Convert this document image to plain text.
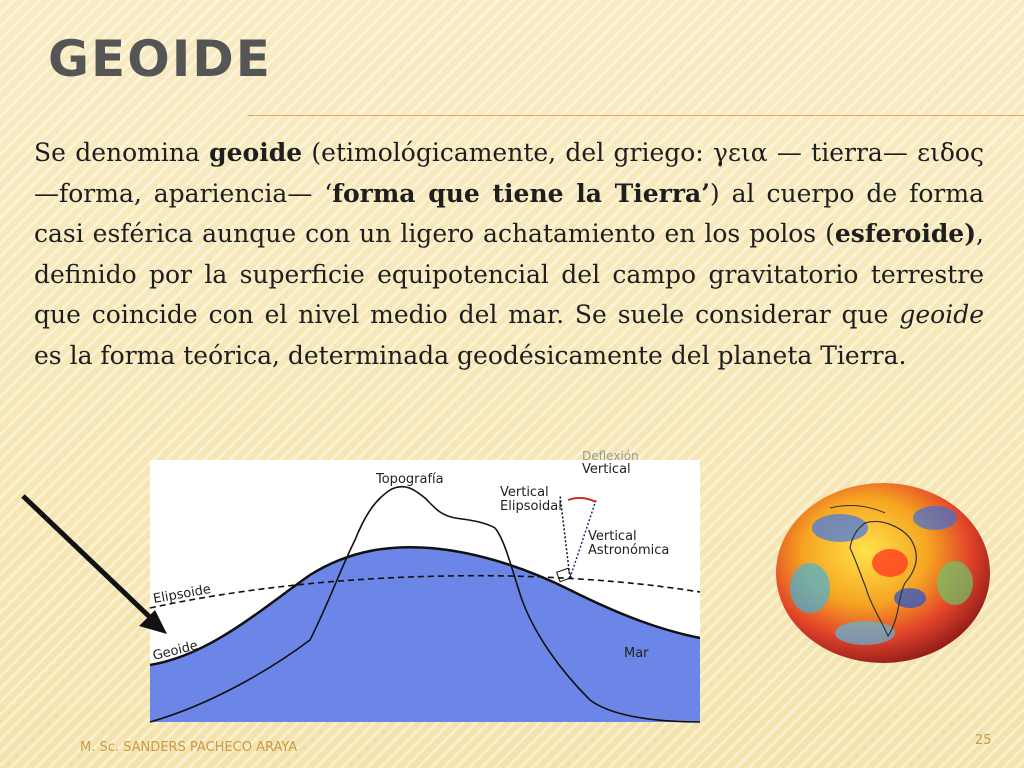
GEOIDE

Se denomina geoide (etimológicamente, del griego: γεια — tierra— ειδος —forma, apariencia— ‘forma que tiene la Tierra’) al cuerpo de forma casi esférica aunque con un ligero achatamiento en los polos (esferoide), definido por la superficie equipotencial del campo gravitatorio terrestre que coincide con el nivel medio del mar. Se suele considerar que geoide es la forma teórica, determinada geodésicamente del planeta Tierra.

Topografía
Deflexión
Vertical
Vertical
Elipsoidal
Vertical
Astronómica
Elipsoide
Geoide	Mar
M. Sc. SANDERS PACHECO ARAYA	25
